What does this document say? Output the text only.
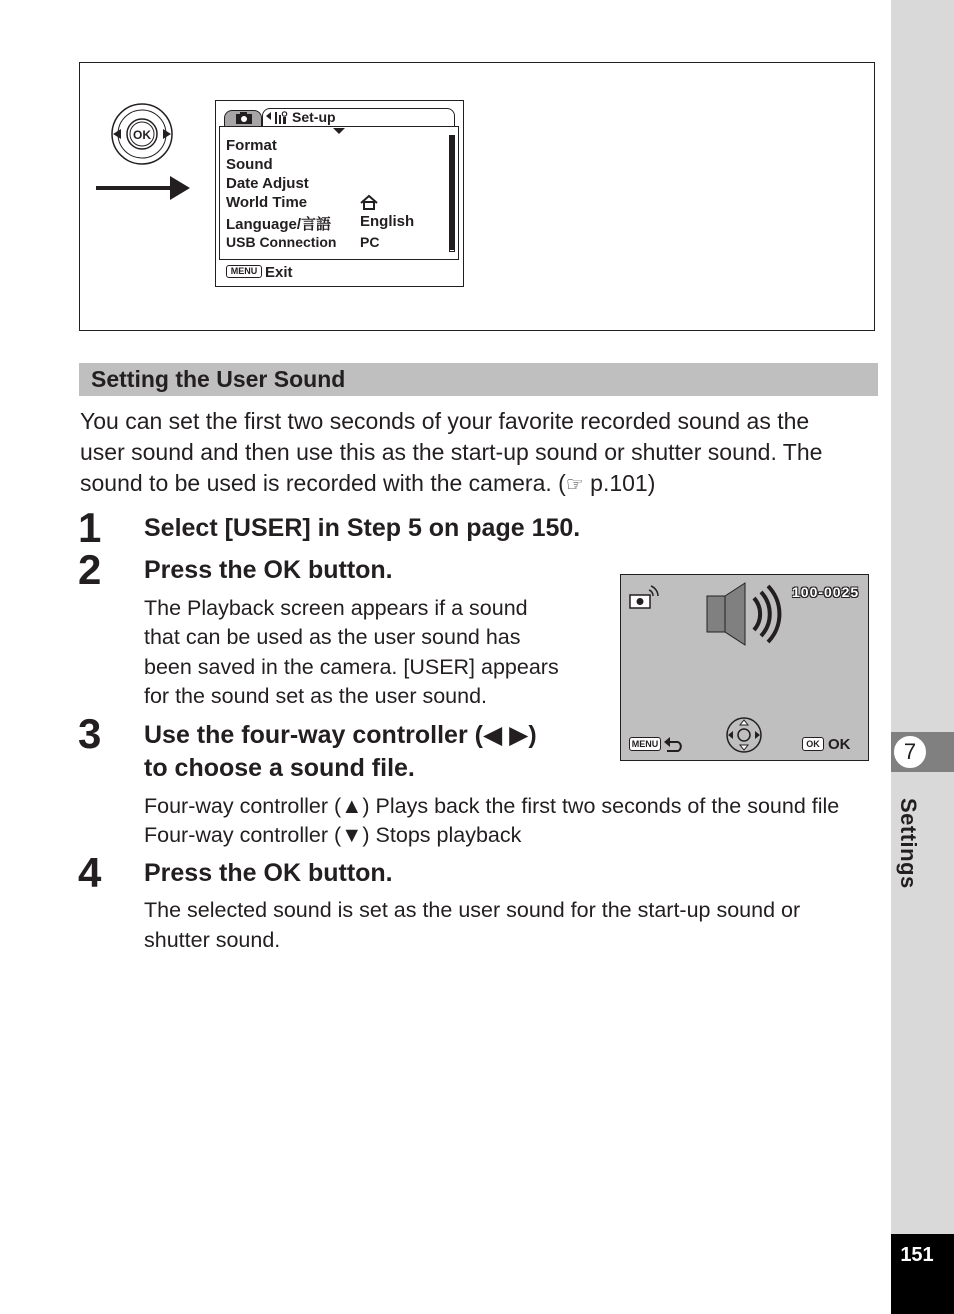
7
Settings
151
OK
Set-up
Format
Sound
Date Adjust
World Time
Language/言語 English
USB Connection PC
MENU Exit
Setting the User Sound
You can set the first two seconds of your favorite recorded sound as the
user sound and then use this as the start-up sound or shutter sound. The
sound to be used is recorded with the camera. (☞ p.101)
1 Select [USER] in Step 5 on page 150.
2 Press the OK button.
The Playback screen appears if a sound
that can be used as the user sound has
been saved in the camera. [USER] appears
for the sound set as the user sound.
100-0025
MENU	OK OK
3 Use the four-way controller (◀ ▶)
to choose a sound file.
Four-way controller (▲) Plays back the first two seconds of the sound file
Four-way controller (▼) Stops playback
4 Press the OK button.
The selected sound is set as the user sound for the start-up sound or
shutter sound.
